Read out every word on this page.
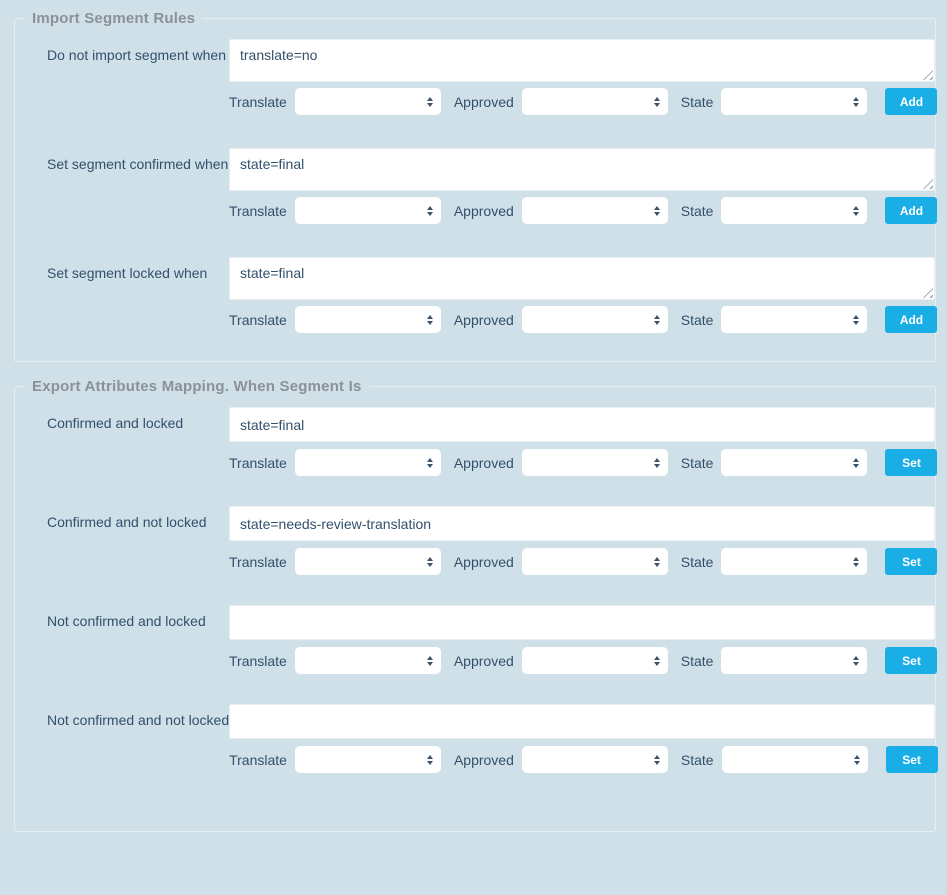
Import Segment Rules
Do not import segment when
translate=no
Translate	Approved	State	Add
Set segment confirmed when
state=final
Translate	Approved	State	Add
Set segment locked when
state=final
Translate	Approved	State	Add
Export Attributes Mapping. When Segment Is
Confirmed and locked
state=final
Translate	Approved	State	Set
Confirmed and not locked
state=needs-review-translation
Translate	Approved	State	Set
Not confirmed and locked
Translate	Approved	State	Set
Not confirmed and not locked
Translate	Approved	State	Set
